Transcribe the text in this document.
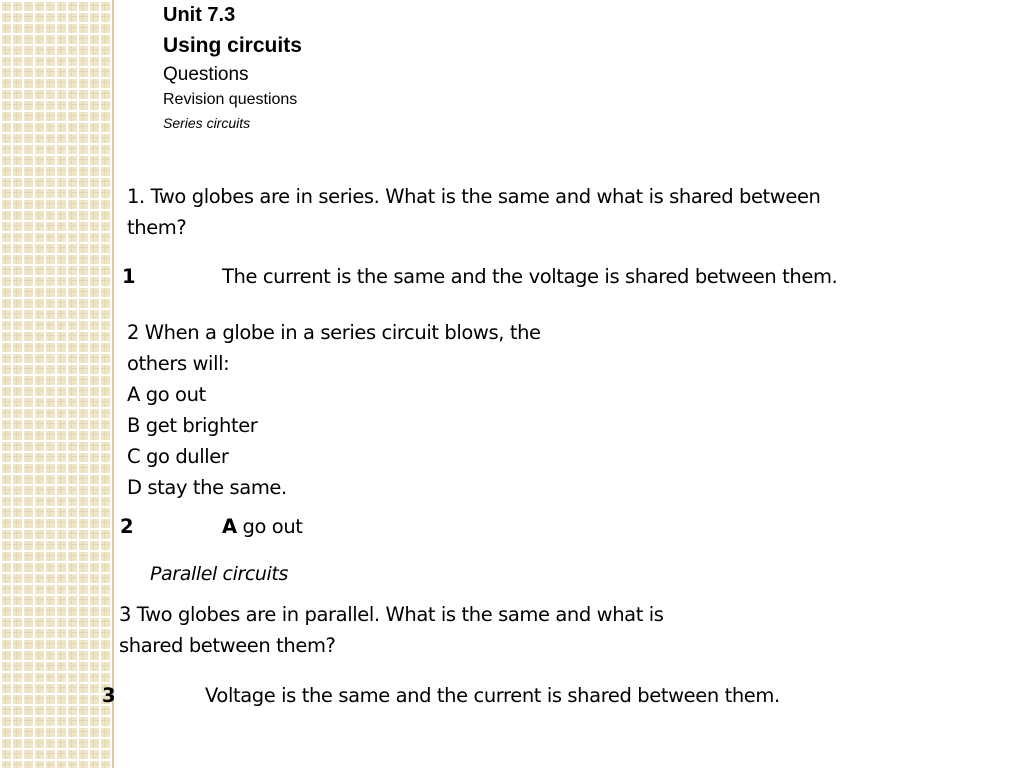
Unit 7.3
Using circuits
Questions
Revision questions
Series circuits
1. Two globes are in series. What is the same and what is shared between
them?
1	The current is the same and the voltage is shared between them.
2 When a globe in a series circuit blows, the
others will:
A go out
B get brighter
C go duller
D stay the same.
2	A go out
Parallel circuits
3 Two globes are in parallel. What is the same and what is
shared between them?
3	Voltage is the same and the current is shared between them.
